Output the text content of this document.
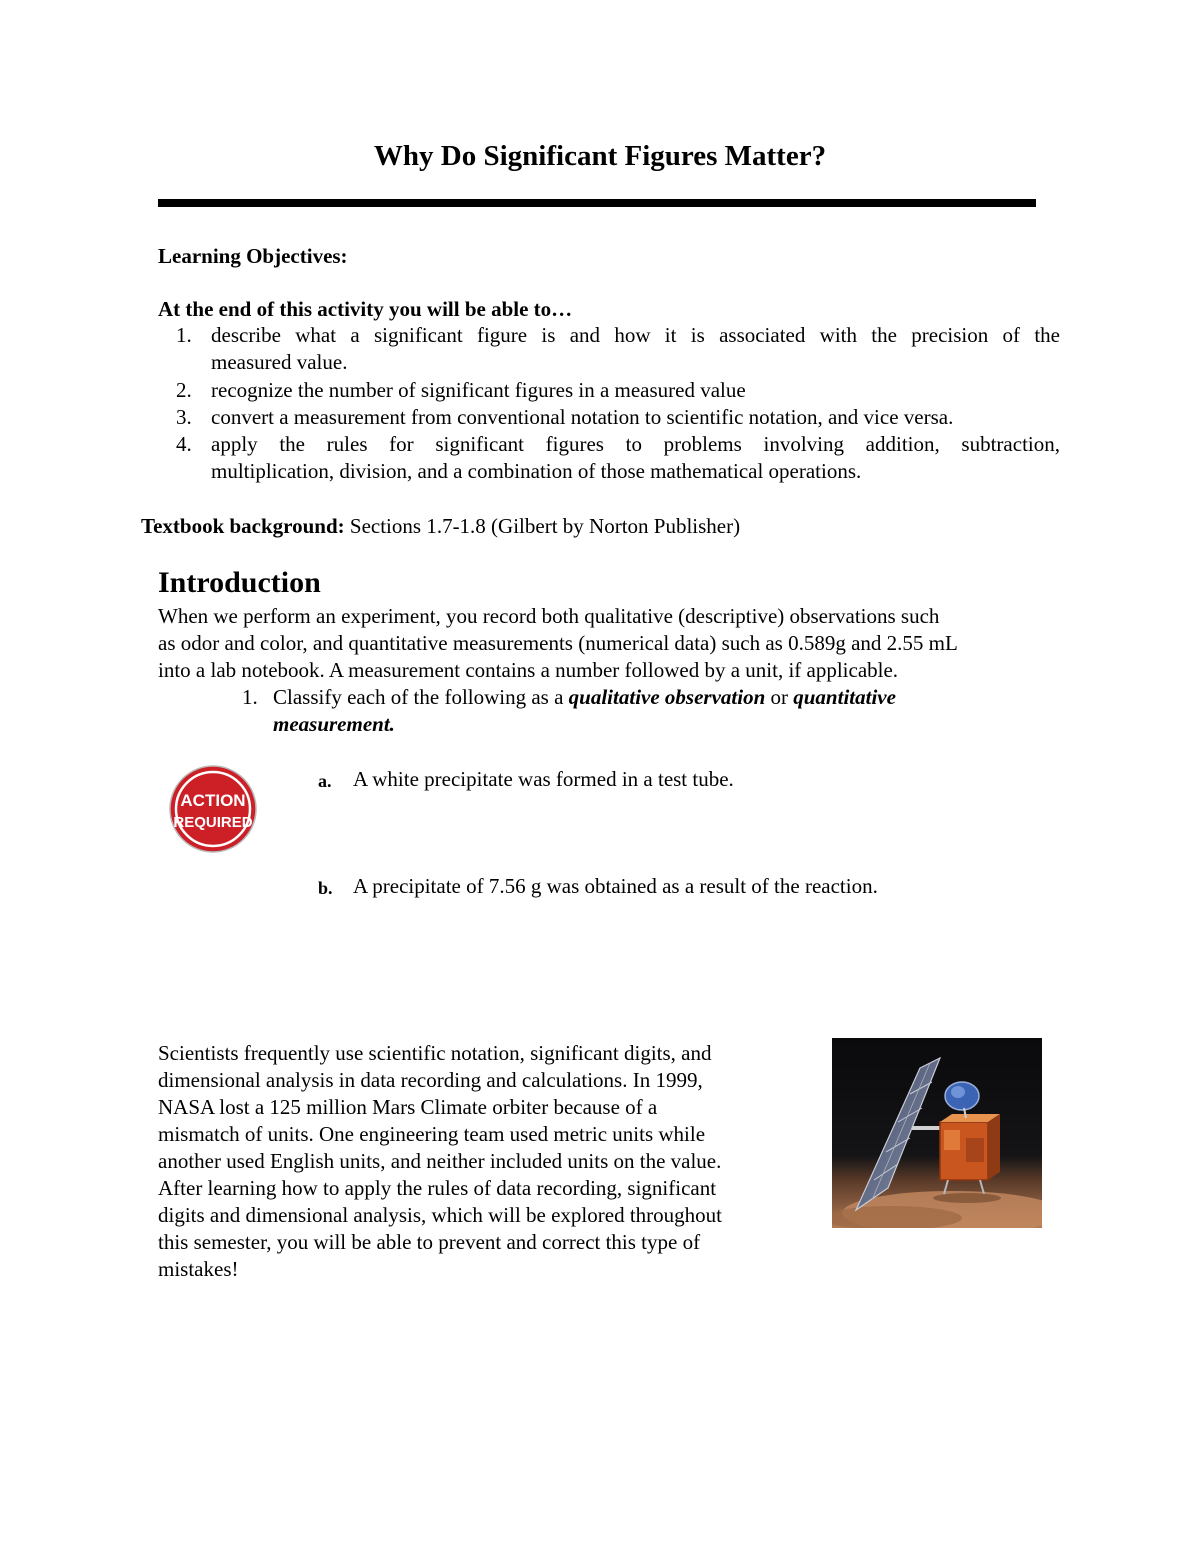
Why Do Significant Figures Matter?
Learning Objectives:
At the end of this activity you will be able to…
1. describe what a significant figure is and how it is associated with the precision of the
measured value.
2. recognize the number of significant figures in a measured value
3. convert a measurement from conventional notation to scientific notation, and vice versa.
4. apply the rules for significant figures to problems involving addition, subtraction,
multiplication, division, and a combination of those mathematical operations.
Textbook background: Sections 1.7-1.8 (Gilbert by Norton Publisher)
Introduction
When we perform an experiment, you record both qualitative (descriptive) observations such
as odor and color, and quantitative measurements (numerical data) such as 0.589g and 2.55 mL
into a lab notebook. A measurement contains a number followed by a unit, if applicable.
1. Classify each of the following as a qualitative observation or quantitative
measurement.
ACTION
REQUIRED
a. A white precipitate was formed in a test tube.
b. A precipitate of 7.56 g was obtained as a result of the reaction.
Scientists frequently use scientific notation, significant digits, and
dimensional analysis in data recording and calculations. In 1999,
NASA lost a 125 million Mars Climate orbiter because of a
mismatch of units. One engineering team used metric units while
another used English units, and neither included units on the value.
After learning how to apply the rules of data recording, significant
digits and dimensional analysis, which will be explored throughout
this semester, you will be able to prevent and correct this type of
mistakes!
